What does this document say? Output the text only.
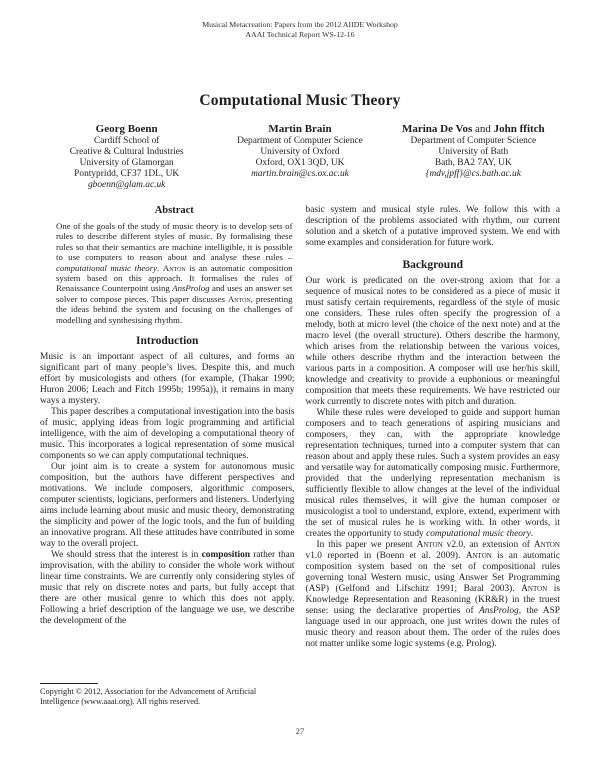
Musical Metacreation: Papers from the 2012 AIIDE Workshop
AAAI Technical Report WS-12-16
Computational Music Theory
Georg Boenn
Cardiff School of
Creative & Cultural Industries
University of Glamorgan
Pontypridd, CF37 1DL, UK
gboenn@glam.ac.uk
Martin Brain
Department of Computer Science
University of Oxford
Oxford, OX1 3QD, UK
martin.brain@cs.ox.ac.uk
Marina De Vos and John ffitch
Department of Computer Science
University of Bath
Bath, BA2 7AY, UK
{mdv,jpff}@cs.bath.ac.uk
Abstract

One of the goals of the study of music theory is to develop sets of rules to describe different styles of music. By formalising these rules so that their semantics are machine intelligible, it is possible to use computers to reason about and analyse these rules – computational music theory. Anton is an automatic composition system based on this approach. It formalises the rules of Renaissance Counterpoint using AnsProlog and uses an answer set solver to compose pieces. This paper discusses Anton, presenting the ideas behind the system and focusing on the challenges of modelling and synthesising rhythm.

Introduction

Music is an important aspect of all cultures, and forms an significant part of many people’s lives. Despite this, and much effort by musicologists and others (for example, (Thakar 1990; Huron 2006; Leach and Fitch 1995b; 1995a)), it remains in many ways a mystery.

This paper describes a computational investigation into the basis of music, applying ideas from logic programming and artificial intelligence, with the aim of developing a computational theory of music. This incorporates a logical representation of some musical components so we can apply computational techniques.

Our joint aim is to create a system for autonomous music composition, but the authors have different perspectives and motivations. We include composers, algorithmic composers, computer scientists, logicians, performers and listeners. Underlying aims include learning about music and music theory, demonstrating the simplicity and power of the logic tools, and the fun of building an innovative program. All these attitudes have contributed in some way to the overall project.

We should stress that the interest is in composition rather than improvisation, with the ability to consider the whole work without linear time constraints. We are currently only considering styles of music that rely on discrete notes and parts, but fully accept that there are other musical genre to which this does not apply. Following a brief description of the language we use, we describe the development of the

Copyright © 2012, Association for the Advancement of Artificial Intelligence (www.aaai.org). All rights reserved.

basic system and musical style rules. We follow this with a description of the problems associated with rhythm, our current solution and a sketch of a putative improved system. We end with some examples and consideration for future work.

Background

Our work is predicated on the over-strong axiom that for a sequence of musical notes to be considered as a piece of music it must satisfy certain requirements, regardless of the style of music one considers. These rules often specify the progression of a melody, both at micro level (the choice of the next note) and at the macro level (the overall structure). Others describe the harmony, which arises from the relationship between the various voices, while others describe rhythm and the interaction between the various parts in a composition. A composer will use her/his skill, knowledge and creativity to provide a euphonious or meaningful composition that meets these requirements. We have restricted our work currently to discrete notes with pitch and duration.

While these rules were developed to guide and support human composers and to teach generations of aspiring musicians and composers, they can, with the appropriate knowledge representation techniques, turned into a computer system that can reason about and apply these rules. Such a system provides an easy and versatile way for automatically composing music. Furthermore, provided that the underlying representation mechanism is sufficiently flexible to allow changes at the level of the individual musical rules themselves, it will give the human composer or musicologist a tool to understand, explore, extend, experiment with the set of musical rules he is working with. In other words, it creates the opportunity to study computational music theory.

In this paper we present Anton v2.0, an extension of Anton v1.0 reported in (Boenn et al. 2009). Anton is an automatic composition system based on the set of compositional rules governing tonal Western music, using Answer Set Programming (ASP) (Gelfond and Lifschitz 1991; Baral 2003). Anton is Knowledge Representation and Reasoning (KR&R) in the truest sense: using the declarative properties of AnsProlog, the ASP language used in our approach, one just writes down the rules of music theory and reason about them. The order of the rules does not matter unlike some logic systems (e.g. Prolog).

27
